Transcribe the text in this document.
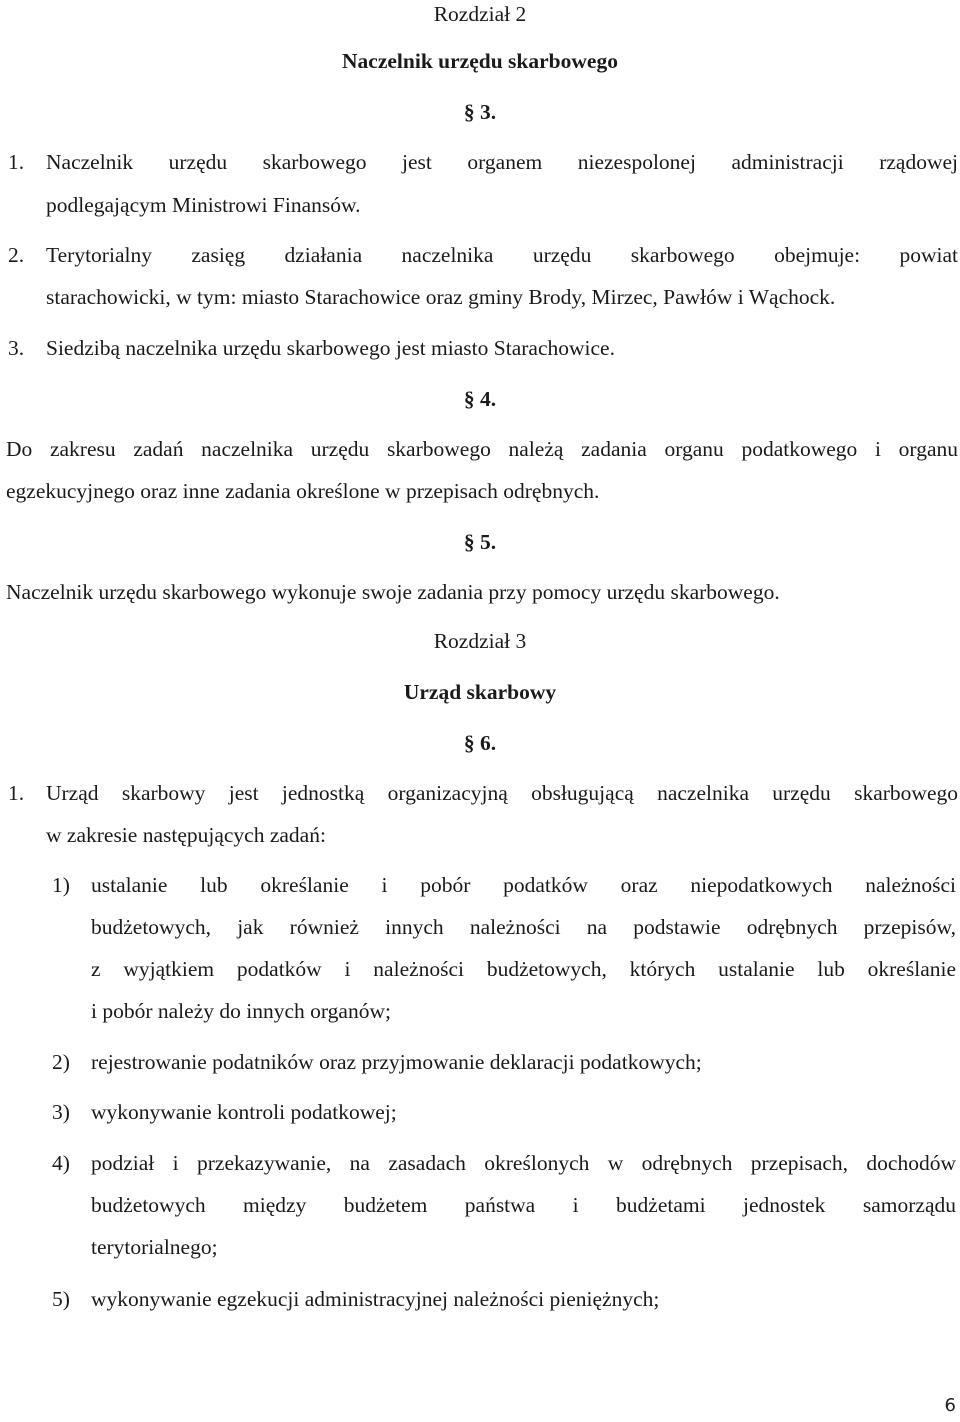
Rozdział 2
Naczelnik urzędu skarbowego
§ 3.
1. Naczelnik urzędu skarbowego jest organem niezespolonej administracji rządowej
podlegającym Ministrowi Finansów.
2. Terytorialny zasięg działania naczelnika urzędu skarbowego obejmuje: powiat
starachowicki, w tym: miasto Starachowice oraz gminy Brody, Mirzec, Pawłów i Wąchock.
3. Siedzibą naczelnika urzędu skarbowego jest miasto Starachowice.
§ 4.
Do zakresu zadań naczelnika urzędu skarbowego należą zadania organu podatkowego i organu
egzekucyjnego oraz inne zadania określone w przepisach odrębnych.
§ 5.
Naczelnik urzędu skarbowego wykonuje swoje zadania przy pomocy urzędu skarbowego.
Rozdział 3
Urząd skarbowy
§ 6.
1. Urząd skarbowy jest jednostką organizacyjną obsługującą naczelnika urzędu skarbowego
w zakresie następujących zadań:
1) ustalanie lub określanie i pobór podatków oraz niepodatkowych należności
budżetowych, jak również innych należności na podstawie odrębnych przepisów,
z wyjątkiem podatków i należności budżetowych, których ustalanie lub określanie
i pobór należy do innych organów;
2) rejestrowanie podatników oraz przyjmowanie deklaracji podatkowych;
3) wykonywanie kontroli podatkowej;
4) podział i przekazywanie, na zasadach określonych w odrębnych przepisach, dochodów
budżetowych między budżetem państwa i budżetami jednostek samorządu
terytorialnego;
5) wykonywanie egzekucji administracyjnej należności pieniężnych;
6
